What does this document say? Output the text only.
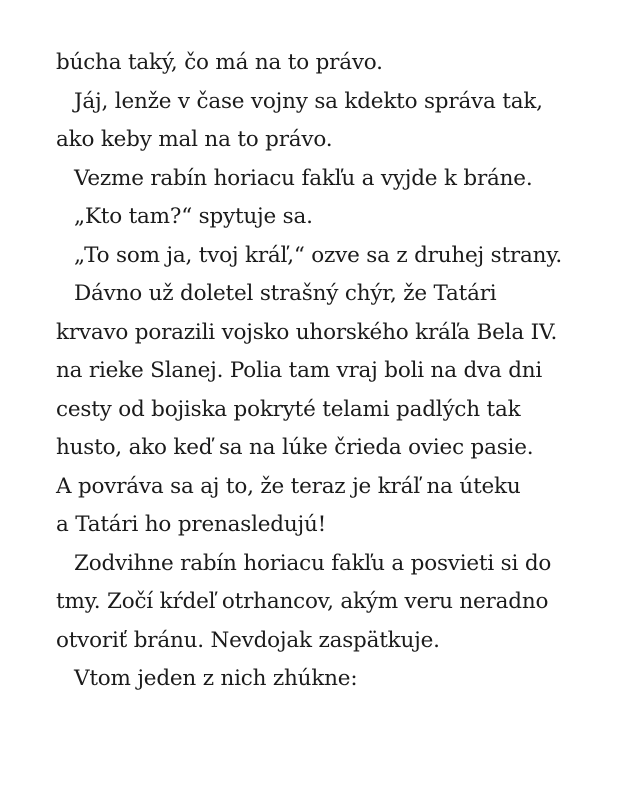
búcha taký, čo má na to právo.
Jáj, lenže v čase vojny sa kdekto správa tak,
ako keby mal na to právo.
Vezme rabín horiacu fakľu a vyjde k bráne.
„Kto tam?“ spytuje sa.
„To som ja, tvoj kráľ,“ ozve sa z druhej strany.
Dávno už doletel strašný chýr, že Tatári
krvavo porazili vojsko uhorského kráľa Bela IV.
na rieke Slanej. Polia tam vraj boli na dva dni
cesty od bojiska pokryté telami padlých tak
husto, ako keď sa na lúke črieda oviec pasie.
A povráva sa aj to, že teraz je kráľ na úteku
a Tatári ho prenasledujú!
Zodvihne rabín horiacu fakľu a posvieti si do
tmy. Zočí kŕdeľ otrhancov, akým veru neradno
otvoriť bránu. Nevdojak zaspätkuje.
Vtom jeden z nich zhúkne:
